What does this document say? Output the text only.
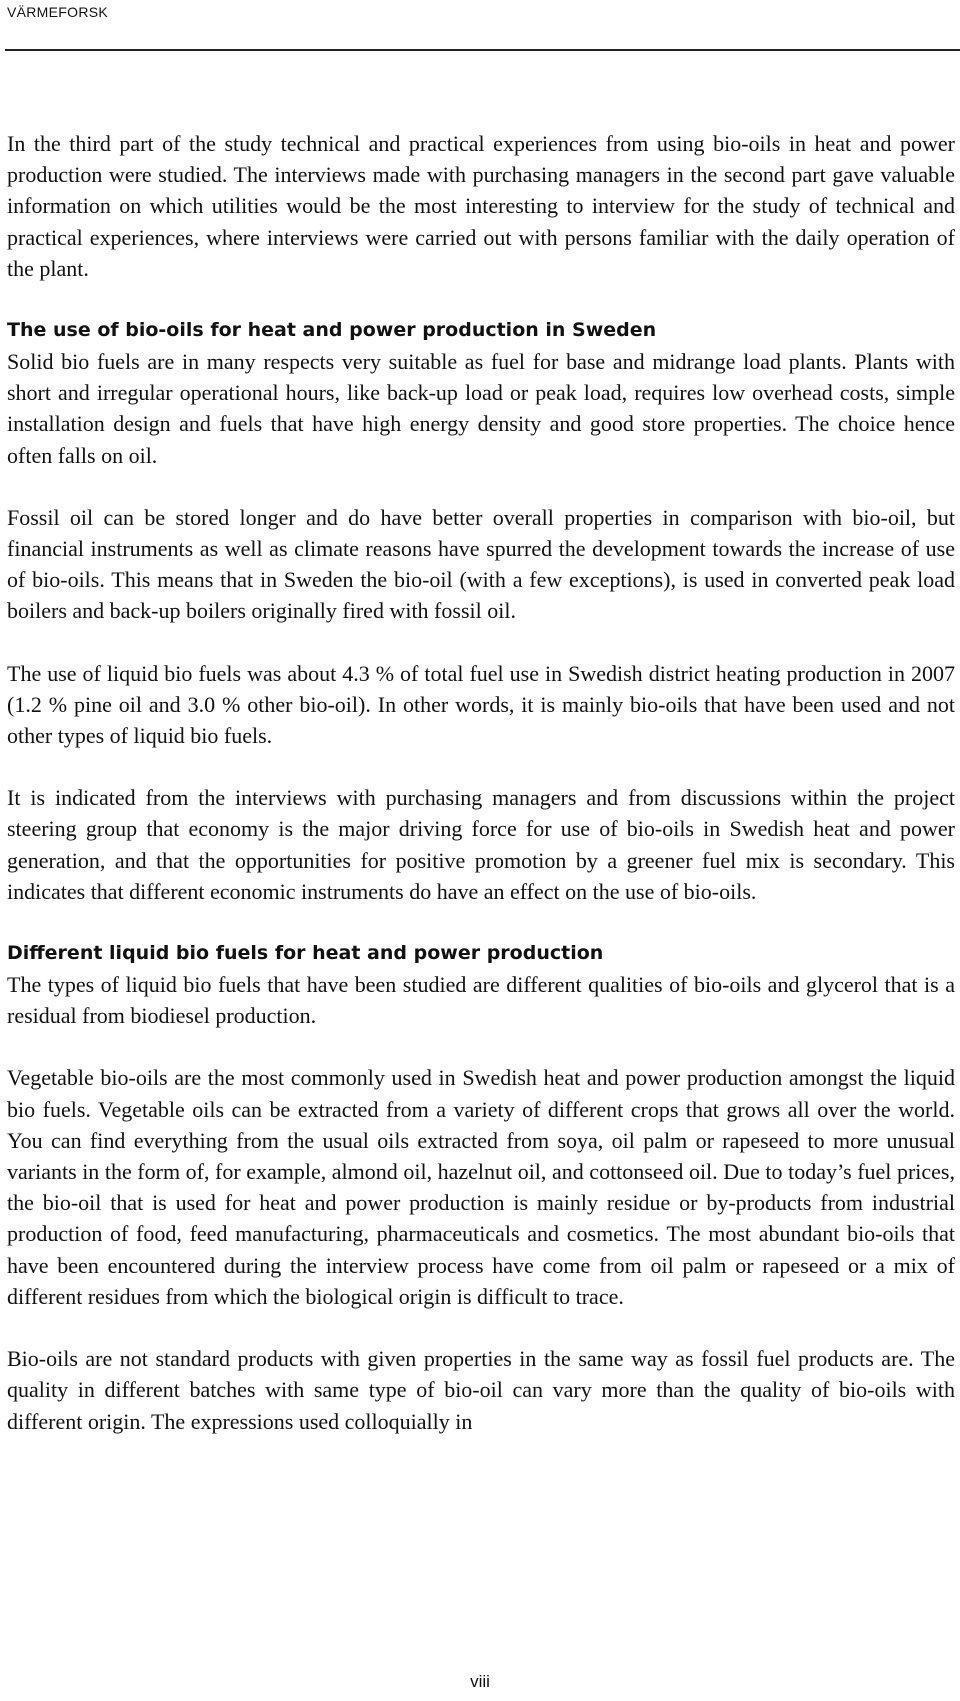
VÄRMEFORSK

In the third part of the study technical and practical experiences from using bio-oils in heat and power production were studied. The interviews made with purchasing managers in the second part gave valuable information on which utilities would be the most interesting to interview for the study of technical and practical experiences, where interviews were carried out with persons familiar with the daily operation of the plant.

The use of bio-oils for heat and power production in Sweden

Solid bio fuels are in many respects very suitable as fuel for base and midrange load plants. Plants with short and irregular operational hours, like back-up load or peak load, requires low overhead costs, simple installation design and fuels that have high energy density and good store properties. The choice hence often falls on oil.

Fossil oil can be stored longer and do have better overall properties in comparison with bio-oil, but financial instruments as well as climate reasons have spurred the development towards the increase of use of bio-oils. This means that in Sweden the bio-oil (with a few exceptions), is used in converted peak load boilers and back-up boilers originally fired with fossil oil.

The use of liquid bio fuels was about 4.3 % of total fuel use in Swedish district heating production in 2007 (1.2 % pine oil and 3.0 % other bio-oil). In other words, it is mainly bio-oils that have been used and not other types of liquid bio fuels.

It is indicated from the interviews with purchasing managers and from discussions within the project steering group that economy is the major driving force for use of bio-oils in Swedish heat and power generation, and that the opportunities for positive promotion by a greener fuel mix is secondary. This indicates that different economic instruments do have an effect on the use of bio-oils.

Different liquid bio fuels for heat and power production

The types of liquid bio fuels that have been studied are different qualities of bio-oils and glycerol that is a residual from biodiesel production.

Vegetable bio-oils are the most commonly used in Swedish heat and power production amongst the liquid bio fuels. Vegetable oils can be extracted from a variety of different crops that grows all over the world. You can find everything from the usual oils extracted from soya, oil palm or rapeseed to more unusual variants in the form of, for example, almond oil, hazelnut oil, and cottonseed oil. Due to today’s fuel prices, the bio-oil that is used for heat and power production is mainly residue or by-products from industrial production of food, feed manufacturing, pharmaceuticals and cosmetics. The most abundant bio-oils that have been encountered during the interview process have come from oil palm or rapeseed or a mix of different residues from which the biological origin is difficult to trace.

Bio-oils are not standard products with given properties in the same way as fossil fuel products are. The quality in different batches with same type of bio-oil can vary more than the quality of bio-oils with different origin. The expressions used colloquially in

viii
